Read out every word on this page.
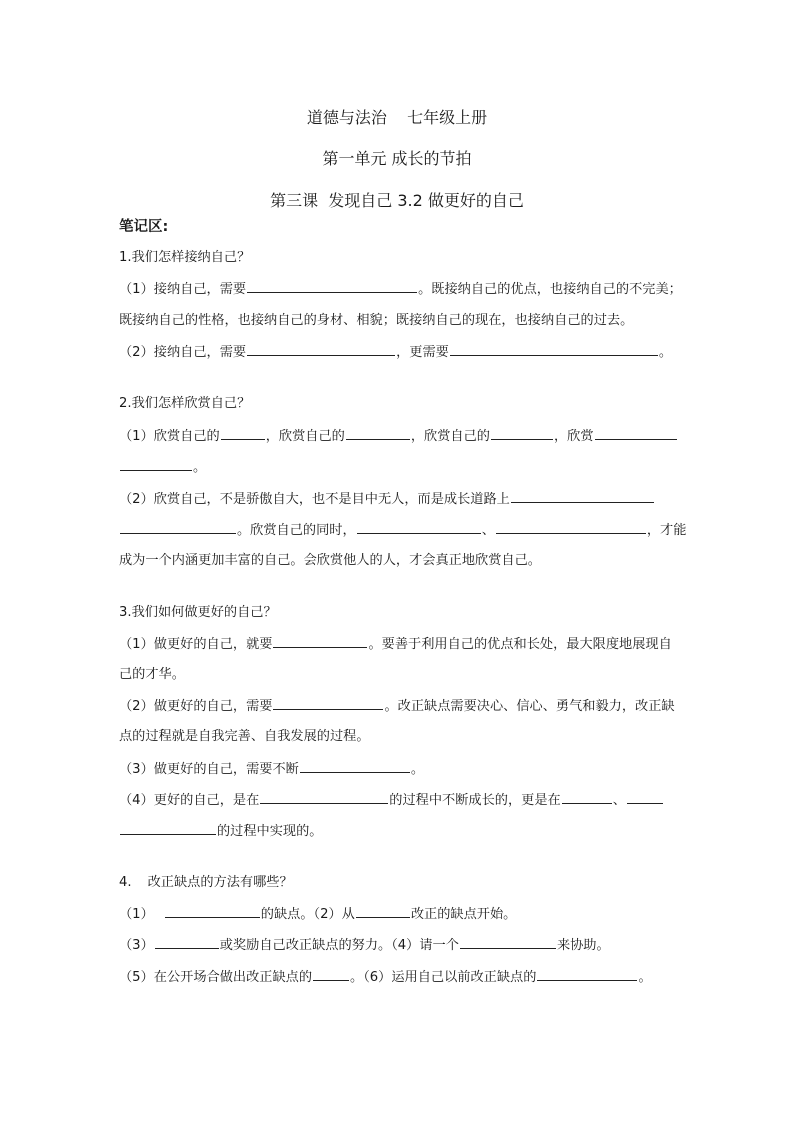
道德与法治    七年级上册
第一单元 成长的节拍
第三课  发现自己 3.2 做更好的自己
笔记区:
1.我们怎样接纳自己？
（1）接纳自己，需要	。既接纳自己的优点，也接纳自己的不完美；
既接纳自己的性格，也接纳自己的身材、相貌；既接纳自己的现在，也接纳自己的过去。
（2）接纳自己，需要	，更需要	。
2.我们怎样欣赏自己？
（1）欣赏自己的	，欣赏自己的	，欣赏自己的	，欣赏
。
（2）欣赏自己，不是骄傲自大，也不是目中无人，而是成长道路上
。欣赏自己的同时，	、	，才能
成为一个内涵更加丰富的自己。会欣赏他人的人，才会真正地欣赏自己。
3.我们如何做更好的自己？
（1）做更好的自己，就要	。要善于利用自己的优点和长处，最大限度地展现自
己的才华。
（2）做更好的自己，需要	。改正缺点需要决心、信心、勇气和毅力，改正缺
点的过程就是自我完善、自我发展的过程。
（3）做更好的自己，需要不断	。
（4）更好的自己，是在	的过程中不断成长的，更是在	、
的过程中实现的。
4. 改正缺点的方法有哪些？
（1）	的缺点。（2）从	改正的缺点开始。
（3）	或奖励自己改正缺点的努力。（4）请一个	来协助。
（5）在公开场合做出改正缺点的	。（6）运用自己以前改正缺点的	。
